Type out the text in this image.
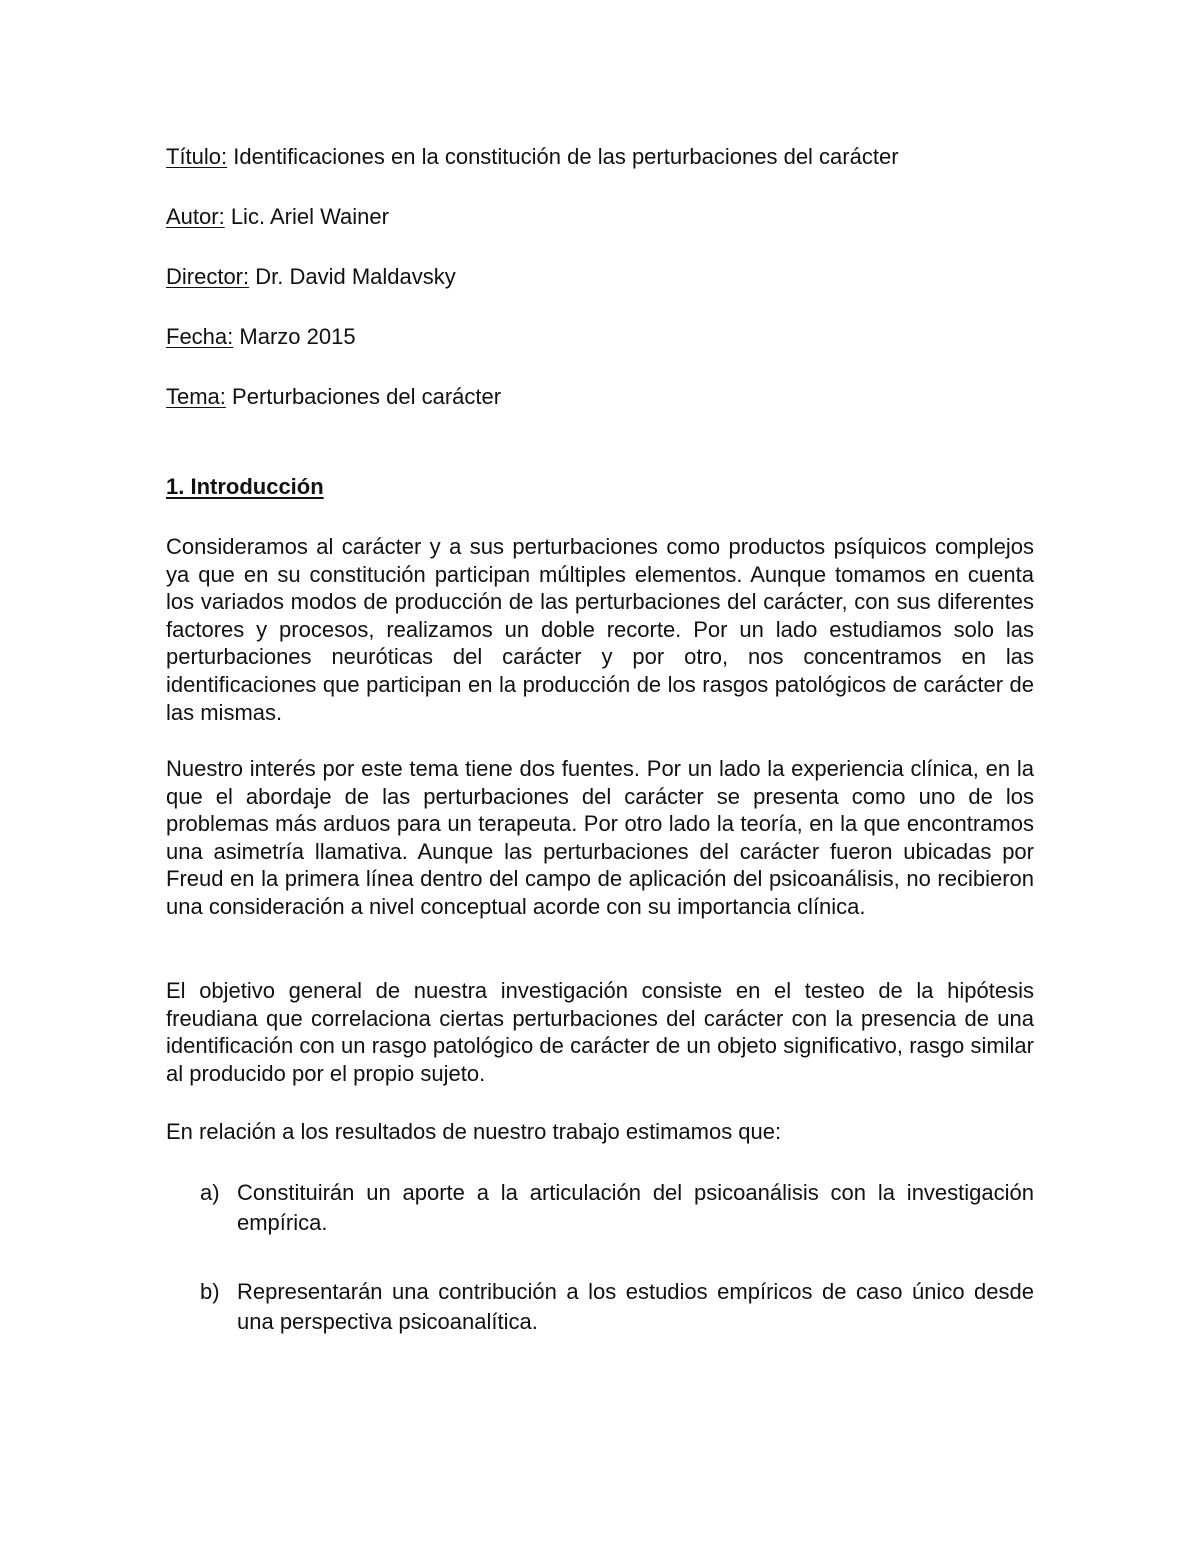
Título: Identificaciones en la constitución de las perturbaciones del carácter
Autor: Lic. Ariel Wainer
Director: Dr. David Maldavsky
Fecha: Marzo 2015
Tema: Perturbaciones del carácter
1. Introducción
Consideramos al carácter y a sus perturbaciones como productos psíquicos complejos ya que en su constitución participan múltiples elementos. Aunque tomamos en cuenta los variados modos de producción de las perturbaciones del carácter, con sus diferentes factores y procesos, realizamos un doble recorte. Por un lado estudiamos solo las perturbaciones neuróticas del carácter y por otro, nos concentramos en las identificaciones que participan en la producción de los rasgos patológicos de carácter de las mismas.
Nuestro interés por este tema tiene dos fuentes. Por un lado la experiencia clínica, en la que el abordaje de las perturbaciones del carácter se presenta como uno de los problemas más arduos para un terapeuta. Por otro lado la teoría, en la que encontramos una asimetría llamativa. Aunque las perturbaciones del carácter fueron ubicadas por Freud en la primera línea dentro del campo de aplicación del psicoanálisis, no recibieron una consideración a nivel conceptual acorde con su importancia clínica.
El objetivo general de nuestra investigación consiste en el testeo de la hipótesis freudiana que correlaciona ciertas perturbaciones del carácter con la presencia de una identificación con un rasgo patológico de carácter de un objeto significativo, rasgo similar al producido por el propio sujeto.
En relación a los resultados de nuestro trabajo estimamos que:
a) Constituirán un aporte a la articulación del psicoanálisis con la investigación empírica.
b) Representarán una contribución a los estudios empíricos de caso único desde una perspectiva psicoanalítica.
